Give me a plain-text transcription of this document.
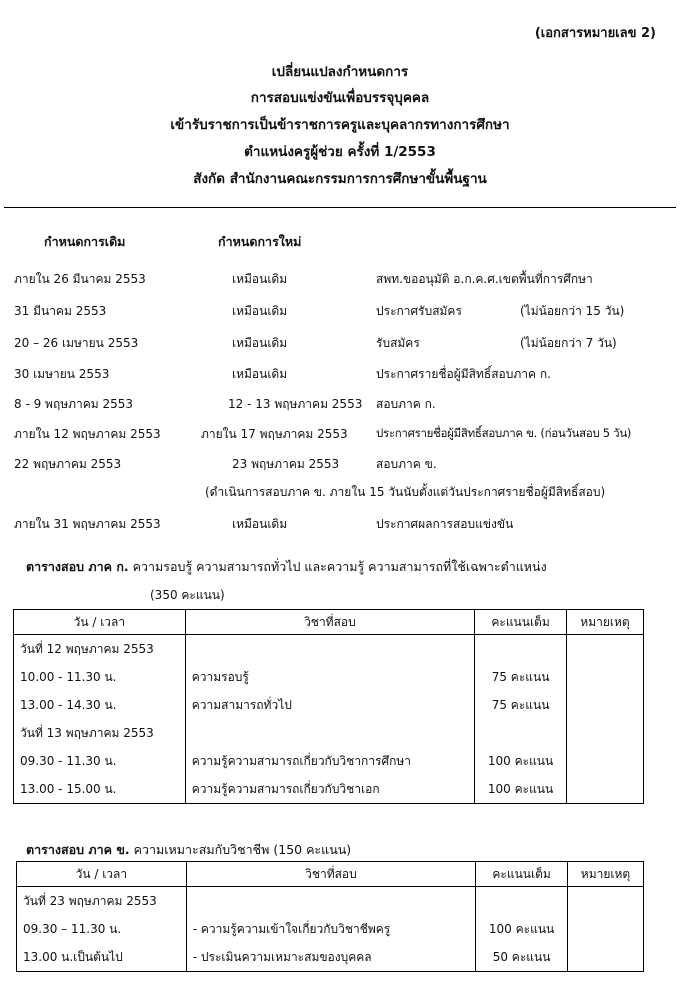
(เอกสารหมายเลข 2)
เปลี่ยนแปลงกำหนดการ
การสอบแข่งขันเพื่อบรรจุบุคคล
เข้ารับราชการเป็นข้าราชการครูและบุคลากรทางการศึกษา
ตำแหน่งครูผู้ช่วย ครั้งที่ 1/2553
สังกัด สำนักงานคณะกรรมการการศึกษาขั้นพื้นฐาน
กำหนดการเดิม	กำหนดการใหม่
ภายใน 26 มีนาคม 2553	เหมือนเดิม	สพท.ขออนุมัติ อ.ก.ค.ศ.เขตพื้นที่การศึกษา
31 มีนาคม 2553	เหมือนเดิม	ประกาศรับสมัคร	(ไม่น้อยกว่า 15 วัน)
20 – 26 เมษายน 2553	เหมือนเดิม	รับสมัคร	(ไม่น้อยกว่า 7 วัน)
30 เมษายน 2553	เหมือนเดิม	ประกาศรายชื่อผู้มีสิทธิ์สอบภาค ก.
8 - 9 พฤษภาคม 2553	12 - 13 พฤษภาคม 2553 สอบภาค ก.
ภายใน 12 พฤษภาคม 2553	ภายใน 17 พฤษภาคม 2553 ประกาศรายชื่อผู้มีสิทธิ์สอบภาค ข. (ก่อนวันสอบ 5 วัน)
22 พฤษภาคม 2553	23 พฤษภาคม 2553	สอบภาค ข.
(ดำเนินการสอบภาค ข. ภายใน 15 วันนับตั้งแต่วันประกาศรายชื่อผู้มีสิทธิ์สอบ)
ภายใน 31 พฤษภาคม 2553	เหมือนเดิม	ประกาศผลการสอบแข่งขัน
ตารางสอบ ภาค ก. ความรอบรู้ ความสามารถทั่วไป และความรู้ ความสามารถที่ใช้เฉพาะตำแหน่ง
(350 คะแนน)
วัน / เวลา	วิชาที่สอบ	คะแนนเต็ม	หมายเหตุ
วันที่ 12 พฤษภาคม 2553			
10.00 - 11.30 น.	ความรอบรู้	75 คะแนน	
13.00 - 14.30 น.	ความสามารถทั่วไป	75 คะแนน	
วันที่ 13 พฤษภาคม 2553			
09.30 - 11.30 น.	ความรู้ความสามารถเกี่ยวกับวิชาการศึกษา	100 คะแนน	
13.00 - 15.00 น.	ความรู้ความสามารถเกี่ยวกับวิชาเอก	100 คะแนน	
ตารางสอบ ภาค ข. ความเหมาะสมกับวิชาชีพ (150 คะแนน)
วัน / เวลา	วิชาที่สอบ	คะแนนเต็ม	หมายเหตุ
วันที่ 23 พฤษภาคม 2553			
09.30 – 11.30 น.	- ความรู้ความเข้าใจเกี่ยวกับวิชาชีพครู	100 คะแนน	
13.00 น.เป็นต้นไป	- ประเมินความเหมาะสมของบุคคล	50 คะแนน	
